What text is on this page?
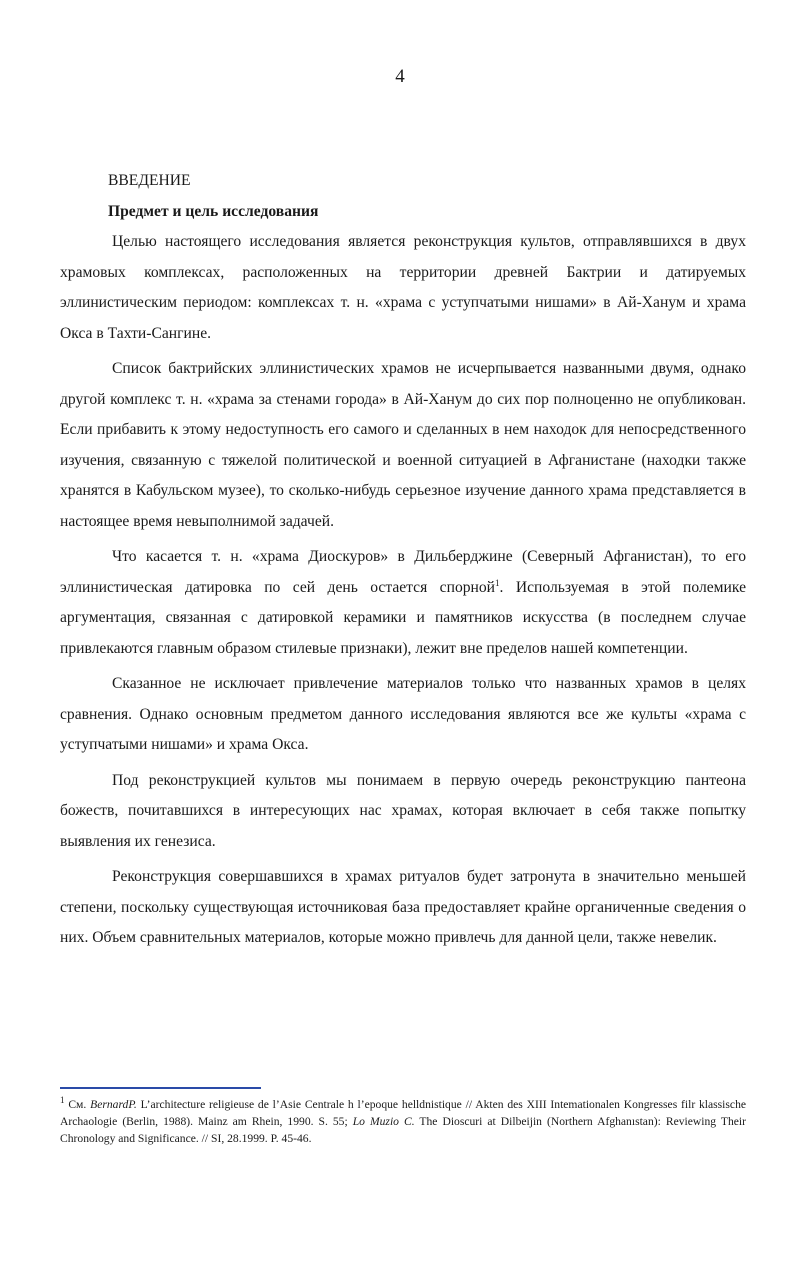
4

ВВЕДЕНИЕ

Предмет и цель исследования

Целью настоящего исследования является реконструкция культов, отправлявшихся в двух храмовых комплексах, расположенных на территории древней Бактрии и датируемых эллинистическим периодом: комплексах т. н. «храма с уступчатыми нишами» в Ай-Ханум и храма Окса в Тахти-Сангине.

Список бактрийских эллинистических храмов не исчерпывается названными двумя, однако другой комплекс т. н. «храма за стенами города» в Ай-Ханум до сих пор полноценно не опубликован. Если прибавить к этому недоступность его самого и сделанных в нем находок для непосредственного изучения, связанную с тяжелой политической и военной ситуацией в Афганистане (находки также хранятся в Кабульском музее), то сколько-нибудь серьезное изучение данного храма представляется в настоящее время невыполнимой задачей.

Что касается т. н. «храма Диоскуров» в Дильберджине (Северный Афганистан), то его эллинистическая датировка по сей день остается спорной$^1$. Используемая в этой полемике аргументация, связанная с датировкой керамики и памятников искусства (в последнем случае привлекаются главным образом стилевые признаки), лежит вне пределов нашей компетенции.

Сказанное не исключает привлечение материалов только что названных храмов в целях сравнения. Однако основным предметом данного исследования являются все же культы «храма с уступчатыми нишами» и храма Окса.

Под реконструкцией культов мы понимаем в первую очередь реконструкцию пантеона божеств, почитавшихся в интересующих нас храмах, которая включает в себя также попытку выявления их генезиса.

Реконструкция совершавшихся в храмах ритуалов будет затронута в значительно меньшей степени, поскольку существующая источниковая база предоставляет крайне органиченные сведения о них. Объем сравнительных материалов, которые можно привлечь для данной цели, также невелик.

$^1$ См. BernardP. L’architecture religieuse de l’Asie Centrale h l’epoque helldnistique // Akten des XIII Intemationalen Kongresses filr klassische Archaologie (Berlin, 1988). Mainz am Rhein, 1990. S. 55; Lo Muzio C. The Dioscuri at Dilbeijin (Northern Afghanıstan): Reviewing Their Chronology and Significance. // SI, 28.1999. P. 45-46.
